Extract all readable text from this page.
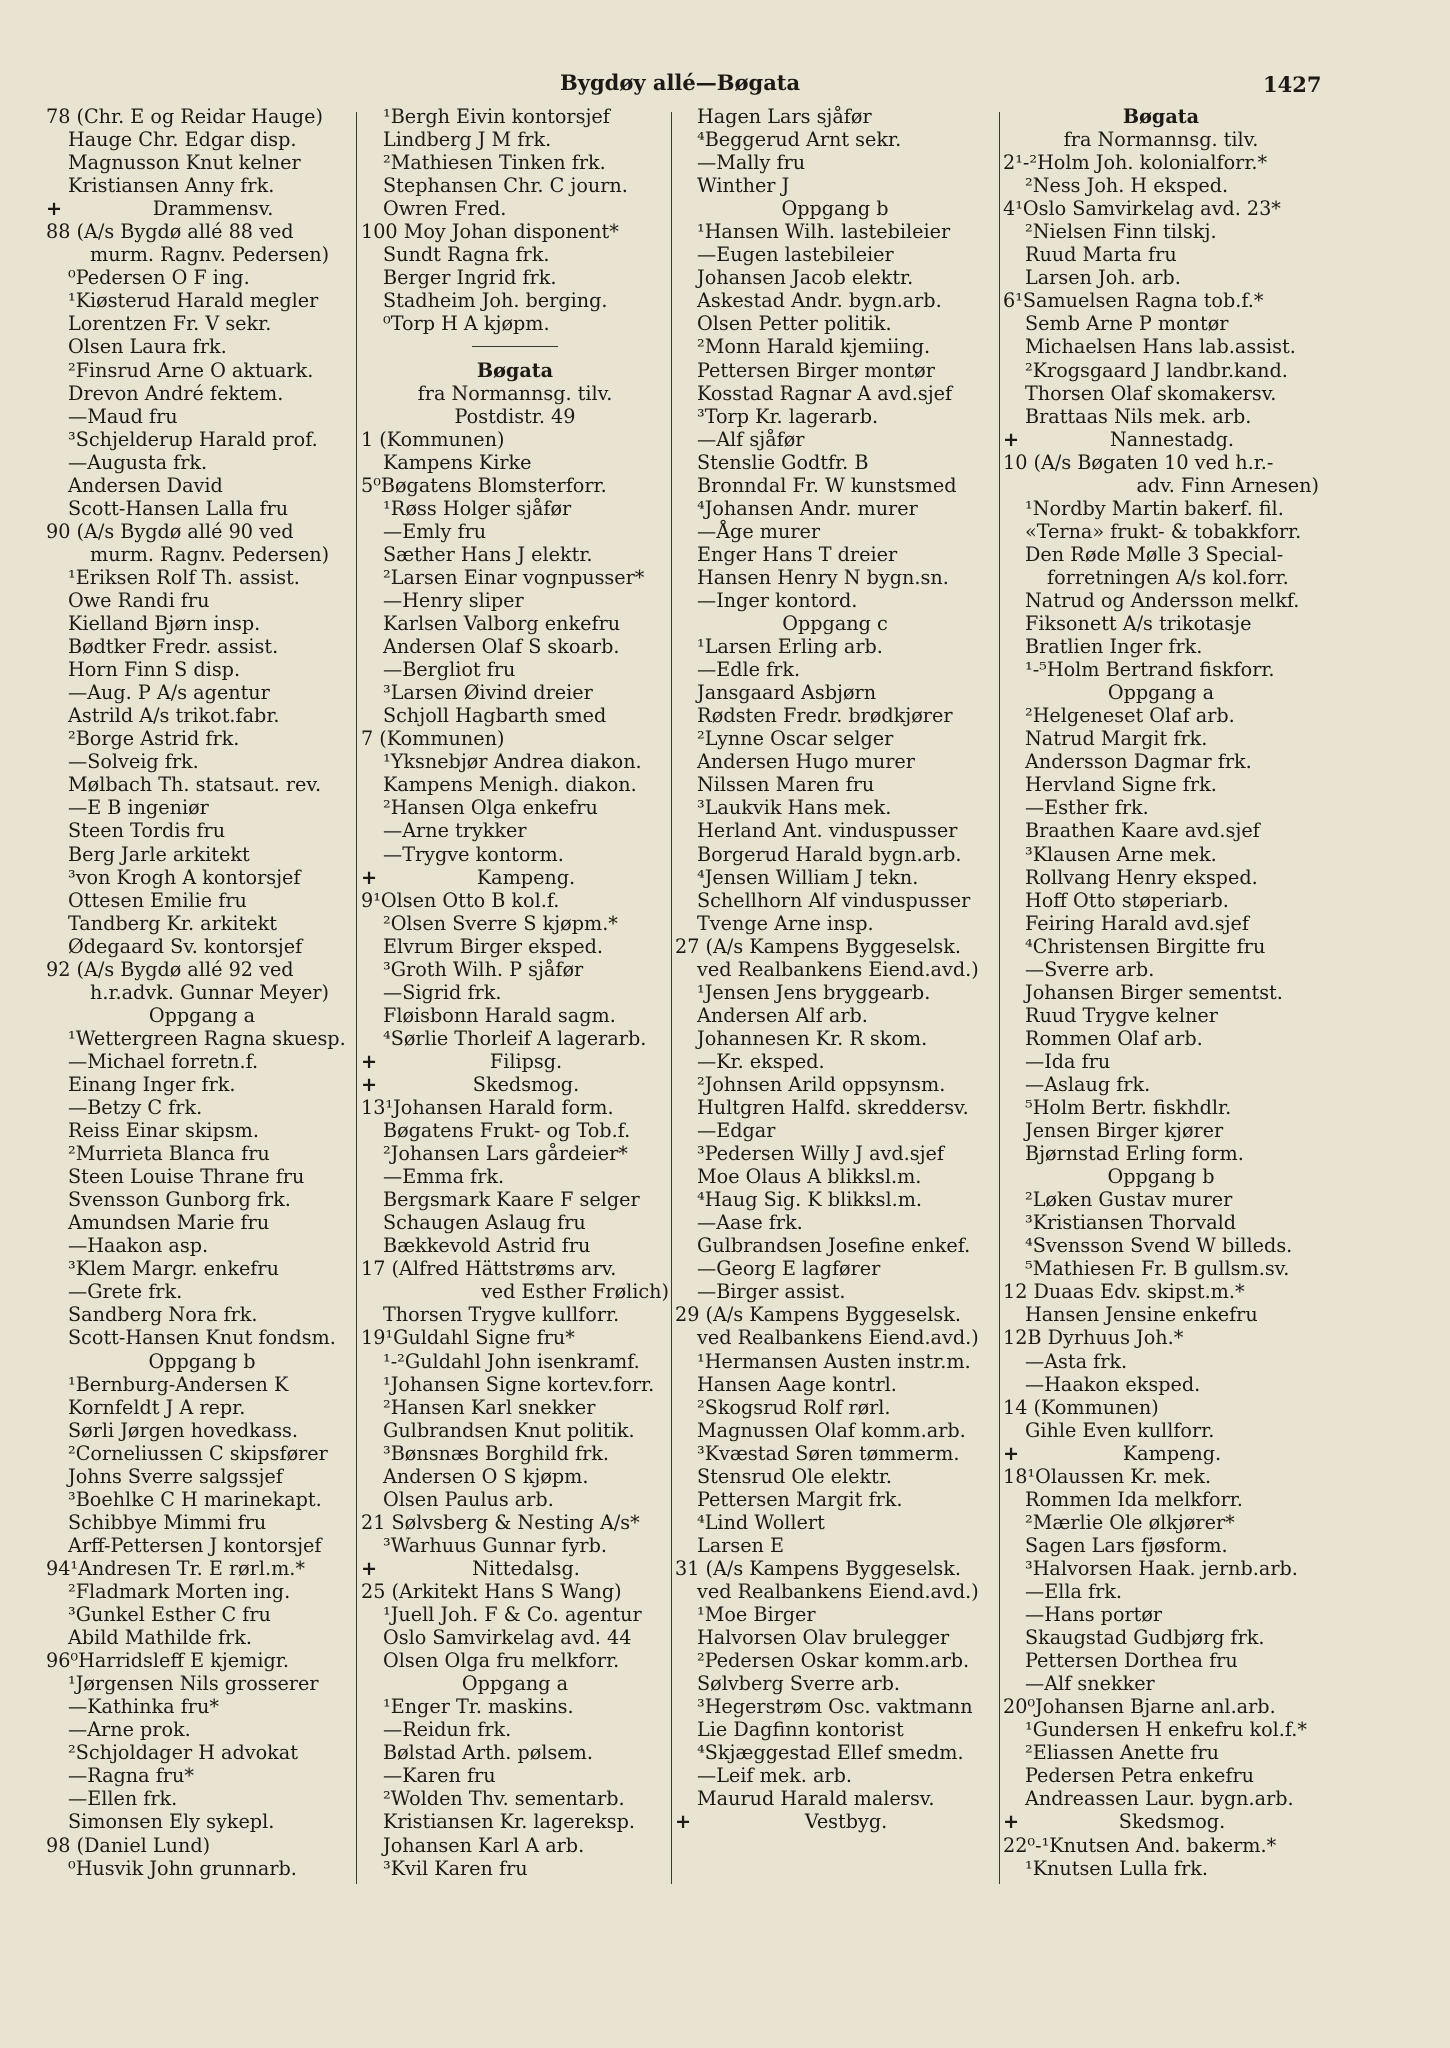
Bygdøy allé—Bøgata	1427
78 (Chr. E og Reidar Hauge)
Hauge Chr. Edgar disp.
Magnusson Knut kelner
Kristiansen Anny frk.
+	Drammensv.
88 (A/s Bygdø allé 88 ved
murm. Ragnv. Pedersen)
⁰Pedersen O F ing.
¹Kiøsterud Harald megler
Lorentzen Fr. V sekr.
Olsen Laura frk.
²Finsrud Arne O aktuark.
Drevon André fektem.
—Maud fru
³Schjelderup Harald prof.
—Augusta frk.
Andersen David
Scott-Hansen Lalla fru
90 (A/s Bygdø allé 90 ved
murm. Ragnv. Pedersen)
¹Eriksen Rolf Th. assist.
Owe Randi fru
Kielland Bjørn insp.
Bødtker Fredr. assist.
Horn Finn S disp.
—Aug. P A/s agentur
Astrild A/s trikot.fabr.
²Borge Astrid frk.
—Solveig frk.
Mølbach Th. statsaut. rev.
—E B ingeniør
Steen Tordis fru
Berg Jarle arkitekt
³von Krogh A kontorsjef
Ottesen Emilie fru
Tandberg Kr. arkitekt
Ødegaard Sv. kontorsjef
92 (A/s Bygdø allé 92 ved
h.r.advk. Gunnar Meyer)
Oppgang a
¹Wettergreen Ragna skuesp.
—Michael forretn.f.
Einang Inger frk.
—Betzy C frk.
Reiss Einar skipsm.
²Murrieta Blanca fru
Steen Louise Thrane fru
Svensson Gunborg frk.
Amundsen Marie fru
—Haakon asp.
³Klem Margr. enkefru
—Grete frk.
Sandberg Nora frk.
Scott-Hansen Knut fondsm.
Oppgang b
¹Bernburg-Andersen K
Kornfeldt J A repr.
Sørli Jørgen hovedkass.
²Corneliussen C skipsfører
Johns Sverre salgssjef
³Boehlke C H marinekapt.
Schibbye Mimmi fru
Arff-Pettersen J kontorsjef
94¹Andresen Tr. E rørl.m.*
²Fladmark Morten ing.
³Gunkel Esther C fru
Abild Mathilde frk.
96⁰Harridsleff E kjemigr.
¹Jørgensen Nils grosserer
—Kathinka fru*
—Arne prok.
²Schjoldager H advokat
—Ragna fru*
—Ellen frk.
Simonsen Ely sykepl.
98 (Daniel Lund)
⁰Husvik John grunnarb.
¹Bergh Eivin kontorsjef
Lindberg J M frk.
²Mathiesen Tinken frk.
Stephansen Chr. C journ.
Owren Fred.
100 Moy Johan disponent*
Sundt Ragna frk.
Berger Ingrid frk.
Stadheim Joh. berging.
⁰Torp H A kjøpm.
Bøgata
fra Normannsg. tilv.
Postdistr. 49
1 (Kommunen)
Kampens Kirke
5⁰Bøgatens Blomsterforr.
¹Røss Holger sjåfør
—Emly fru
Sæther Hans J elektr.
²Larsen Einar vognpusser*
—Henry sliper
Karlsen Valborg enkefru
Andersen Olaf S skoarb.
—Bergliot fru
³Larsen Øivind dreier
Schjoll Hagbarth smed
7 (Kommunen)
¹Yksnebjør Andrea diakon.
Kampens Menigh. diakon.
²Hansen Olga enkefru
—Arne trykker
—Trygve kontorm.
+	Kampeng.
9¹Olsen Otto B kol.f.
²Olsen Sverre S kjøpm.*
Elvrum Birger eksped.
³Groth Wilh. P sjåfør
—Sigrid frk.
Fløisbonn Harald sagm.
⁴Sørlie Thorleif A lagerarb.
+	Filipsg.
+	Skedsmog.
13¹Johansen Harald form.
Bøgatens Frukt- og Tob.f.
²Johansen Lars gårdeier*
—Emma frk.
Bergsmark Kaare F selger
Schaugen Aslaug fru
Bækkevold Astrid fru
17 (Alfred Hättstrøms arv.
ved Esther Frølich)
Thorsen Trygve kullforr.
19¹Guldahl Signe fru*
¹-²Guldahl John isenkramf.
¹Johansen Signe kortev.forr.
²Hansen Karl snekker
Gulbrandsen Knut politik.
³Bønsnæs Borghild frk.
Andersen O S kjøpm.
Olsen Paulus arb.
21 Sølvsberg & Nesting A/s*
³Warhuus Gunnar fyrb.
+	Nittedalsg.
25 (Arkitekt Hans S Wang)
¹Juell Joh. F & Co. agentur
Oslo Samvirkelag avd. 44
Olsen Olga fru melkforr.
Oppgang a
¹Enger Tr. maskins.
—Reidun frk.
Bølstad Arth. pølsem.
—Karen fru
²Wolden Thv. sementarb.
Kristiansen Kr. lagereksp.
Johansen Karl A arb.
³Kvil Karen fru
Hagen Lars sjåfør
⁴Beggerud Arnt sekr.
—Mally fru
Winther J
Oppgang b
¹Hansen Wilh. lastebileier
—Eugen lastebileier
Johansen Jacob elektr.
Askestad Andr. bygn.arb.
Olsen Petter politik.
²Monn Harald kjemiing.
Pettersen Birger montør
Kosstad Ragnar A avd.sjef
³Torp Kr. lagerarb.
—Alf sjåfør
Stenslie Godtfr. B
Bronndal Fr. W kunstsmed
⁴Johansen Andr. murer
—Åge murer
Enger Hans T dreier
Hansen Henry N bygn.sn.
—Inger kontord.
Oppgang c
¹Larsen Erling arb.
—Edle frk.
Jansgaard Asbjørn
Rødsten Fredr. brødkjører
²Lynne Oscar selger
Andersen Hugo murer
Nilssen Maren fru
³Laukvik Hans mek.
Herland Ant. vinduspusser
Borgerud Harald bygn.arb.
⁴Jensen William J tekn.
Schellhorn Alf vinduspusser
Tvenge Arne insp.
27 (A/s Kampens Byggeselsk.
ved Realbankens Eiend.avd.)
¹Jensen Jens bryggearb.
Andersen Alf arb.
Johannesen Kr. R skom.
—Kr. eksped.
²Johnsen Arild oppsynsm.
Hultgren Halfd. skreddersv.
—Edgar
³Pedersen Willy J avd.sjef
Moe Olaus A blikksl.m.
⁴Haug Sig. K blikksl.m.
—Aase frk.
Gulbrandsen Josefine enkef.
—Georg E lagfører
—Birger assist.
29 (A/s Kampens Byggeselsk.
ved Realbankens Eiend.avd.)
¹Hermansen Austen instr.m.
Hansen Aage kontrl.
²Skogsrud Rolf rørl.
Magnussen Olaf komm.arb.
³Kvæstad Søren tømmerm.
Stensrud Ole elektr.
Pettersen Margit frk.
⁴Lind Wollert
Larsen E
31 (A/s Kampens Byggeselsk.
ved Realbankens Eiend.avd.)
¹Moe Birger
Halvorsen Olav brulegger
²Pedersen Oskar komm.arb.
Sølvberg Sverre arb.
³Hegerstrøm Osc. vaktmann
Lie Dagfinn kontorist
⁴Skjæggestad Ellef smedm.
—Leif mek. arb.
Maurud Harald malersv.
+	Vestbyg.
Bøgata
fra Normannsg. tilv.
2¹-²Holm Joh. kolonialforr.*
²Ness Joh. H eksped.
4¹Oslo Samvirkelag avd. 23*
²Nielsen Finn tilskj.
Ruud Marta fru
Larsen Joh. arb.
6¹Samuelsen Ragna tob.f.*
Semb Arne P montør
Michaelsen Hans lab.assist.
²Krogsgaard J landbr.kand.
Thorsen Olaf skomakersv.
Brattaas Nils mek. arb.
+	Nannestadg.
10 (A/s Bøgaten 10 ved h.r.-
adv. Finn Arnesen)
¹Nordby Martin bakerf. fil.
«Terna» frukt- & tobakkforr.
Den Røde Mølle 3 Special-
forretningen A/s kol.forr.
Natrud og Andersson melkf.
Fiksonett A/s trikotasje
Bratlien Inger frk.
¹-⁵Holm Bertrand fiskforr.
Oppgang a
²Helgeneset Olaf arb.
Natrud Margit frk.
Andersson Dagmar frk.
Hervland Signe frk.
—Esther frk.
Braathen Kaare avd.sjef
³Klausen Arne mek.
Rollvang Henry eksped.
Hoff Otto støperiarb.
Feiring Harald avd.sjef
⁴Christensen Birgitte fru
—Sverre arb.
Johansen Birger sementst.
Ruud Trygve kelner
Rommen Olaf arb.
—Ida fru
—Aslaug frk.
⁵Holm Bertr. fiskhdlr.
Jensen Birger kjører
Bjørnstad Erling form.
Oppgang b
²Løken Gustav murer
³Kristiansen Thorvald
⁴Svensson Svend W billeds.
⁵Mathiesen Fr. B gullsm.sv.
12 Duaas Edv. skipst.m.*
Hansen Jensine enkefru
12B Dyrhuus Joh.*
—Asta frk.
—Haakon eksped.
14 (Kommunen)
Gihle Even kullforr.
+	Kampeng.
18¹Olaussen Kr. mek.
Rommen Ida melkforr.
²Mærlie Ole ølkjører*
Sagen Lars fjøsform.
³Halvorsen Haak. jernb.arb.
—Ella frk.
—Hans portør
Skaugstad Gudbjørg frk.
Pettersen Dorthea fru
—Alf snekker
20⁰Johansen Bjarne anl.arb.
¹Gundersen H enkefru kol.f.*
²Eliassen Anette fru
Pedersen Petra enkefru
Andreassen Laur. bygn.arb.
+	Skedsmog.
22⁰-¹Knutsen And. bakerm.*
¹Knutsen Lulla frk.
